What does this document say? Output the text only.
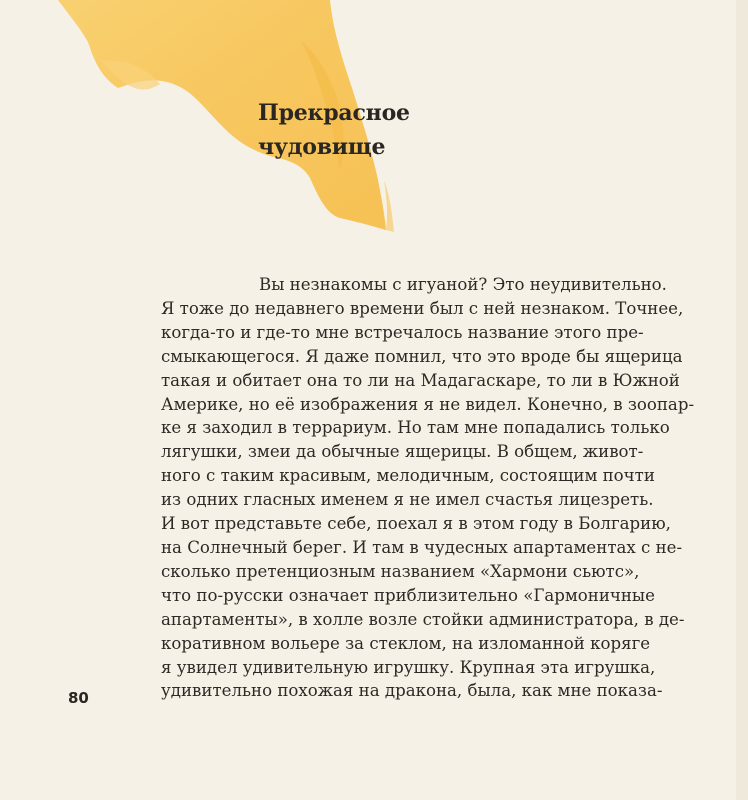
Прекрасное
чудовище
Вы незнакомы с игуаной? Это неудивительно.
Я тоже до недавнего времени был с ней незнаком. Точнее,
когда-то и где-то мне встречалось название этого пре-
смыкающегося. Я даже помнил, что это вроде бы ящерица
такая и обитает она то ли на Мадагаскаре, то ли в Южной
Америке, но её изображения я не видел. Конечно, в зоопар-
ке я заходил в террариум. Но там мне попадались только
лягушки, змеи да обычные ящерицы. В общем, живот-
ного с таким красивым, мелодичным, состоящим почти
из одних гласных именем я не имел счастья лицезреть.
И вот представьте себе, поехал я в этом году в Болгарию,
на Солнечный берег. И там в чудесных апартаментах с не-
сколько претенциозным названием «Хармони сьютс»,
что по-русски означает приблизительно «Гармоничные
апартаменты», в холле возле стойки администратора, в де-
коративном вольере за стеклом, на изломанной коряге
я увидел удивительную игрушку. Крупная эта игрушка,
удивительно похожая на дракона, была, как мне показа-
80
